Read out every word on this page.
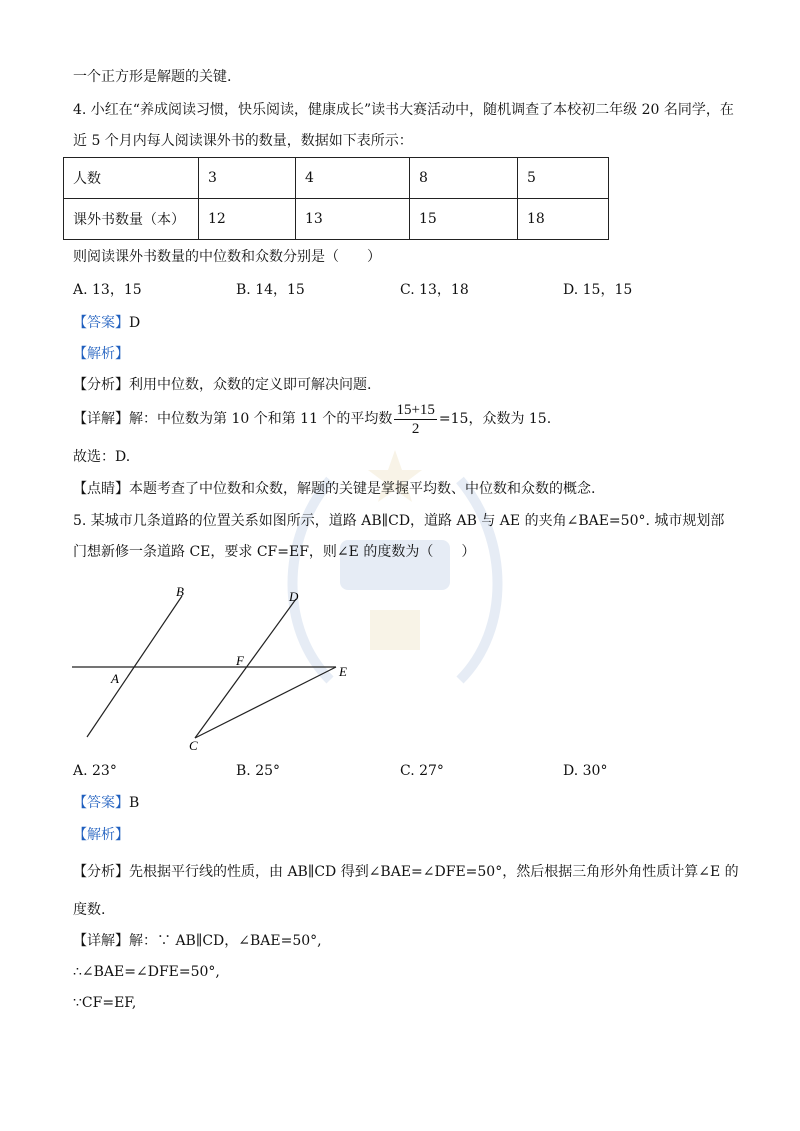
一个正方形是解题的关键.
4. 小红在“养成阅读习惯，快乐阅读，健康成长”读书大赛活动中，随机调查了本校初二年级 20 名同学，在
近 5 个月内每人阅读课外书的数量，数据如下表所示：
人数	3	4	8	5
课外书数量（本）	12	13	15	18
则阅读课外书数量的中位数和众数分别是（　　）
A. 13，15	B. 14，15	C. 13，18	D. 15，15
【答案】D
【解析】
【分析】利用中位数，众数的定义即可解决问题.
【详解】解：中位数为第 10 个和第 11 个的平均数 $\frac{15+15}{2} =15$，众数为 15.
故选：D.
【点睛】本题考查了中位数和众数，解题的关键是掌握平均数、中位数和众数的概念.
5. 某城市几条道路的位置关系如图所示，道路 AB∥CD，道路 AB 与 AE 的夹角∠BAE=50°. 城市规划部
门想新修一条道路 CE，要求 CF=EF，则∠E 的度数为（　　）
B	D
A
F
E
C
A. 23°	B. 25°	C. 27°	D. 30°
【答案】B
【解析】
【分析】先根据平行线的性质，由 AB∥CD 得到∠BAE=∠DFE=50°，然后根据三角形外角性质计算∠E 的
度数.
【详解】解：∵ AB∥CD，∠BAE=50°,
∴∠BAE=∠DFE=50°,
∵CF=EF,
